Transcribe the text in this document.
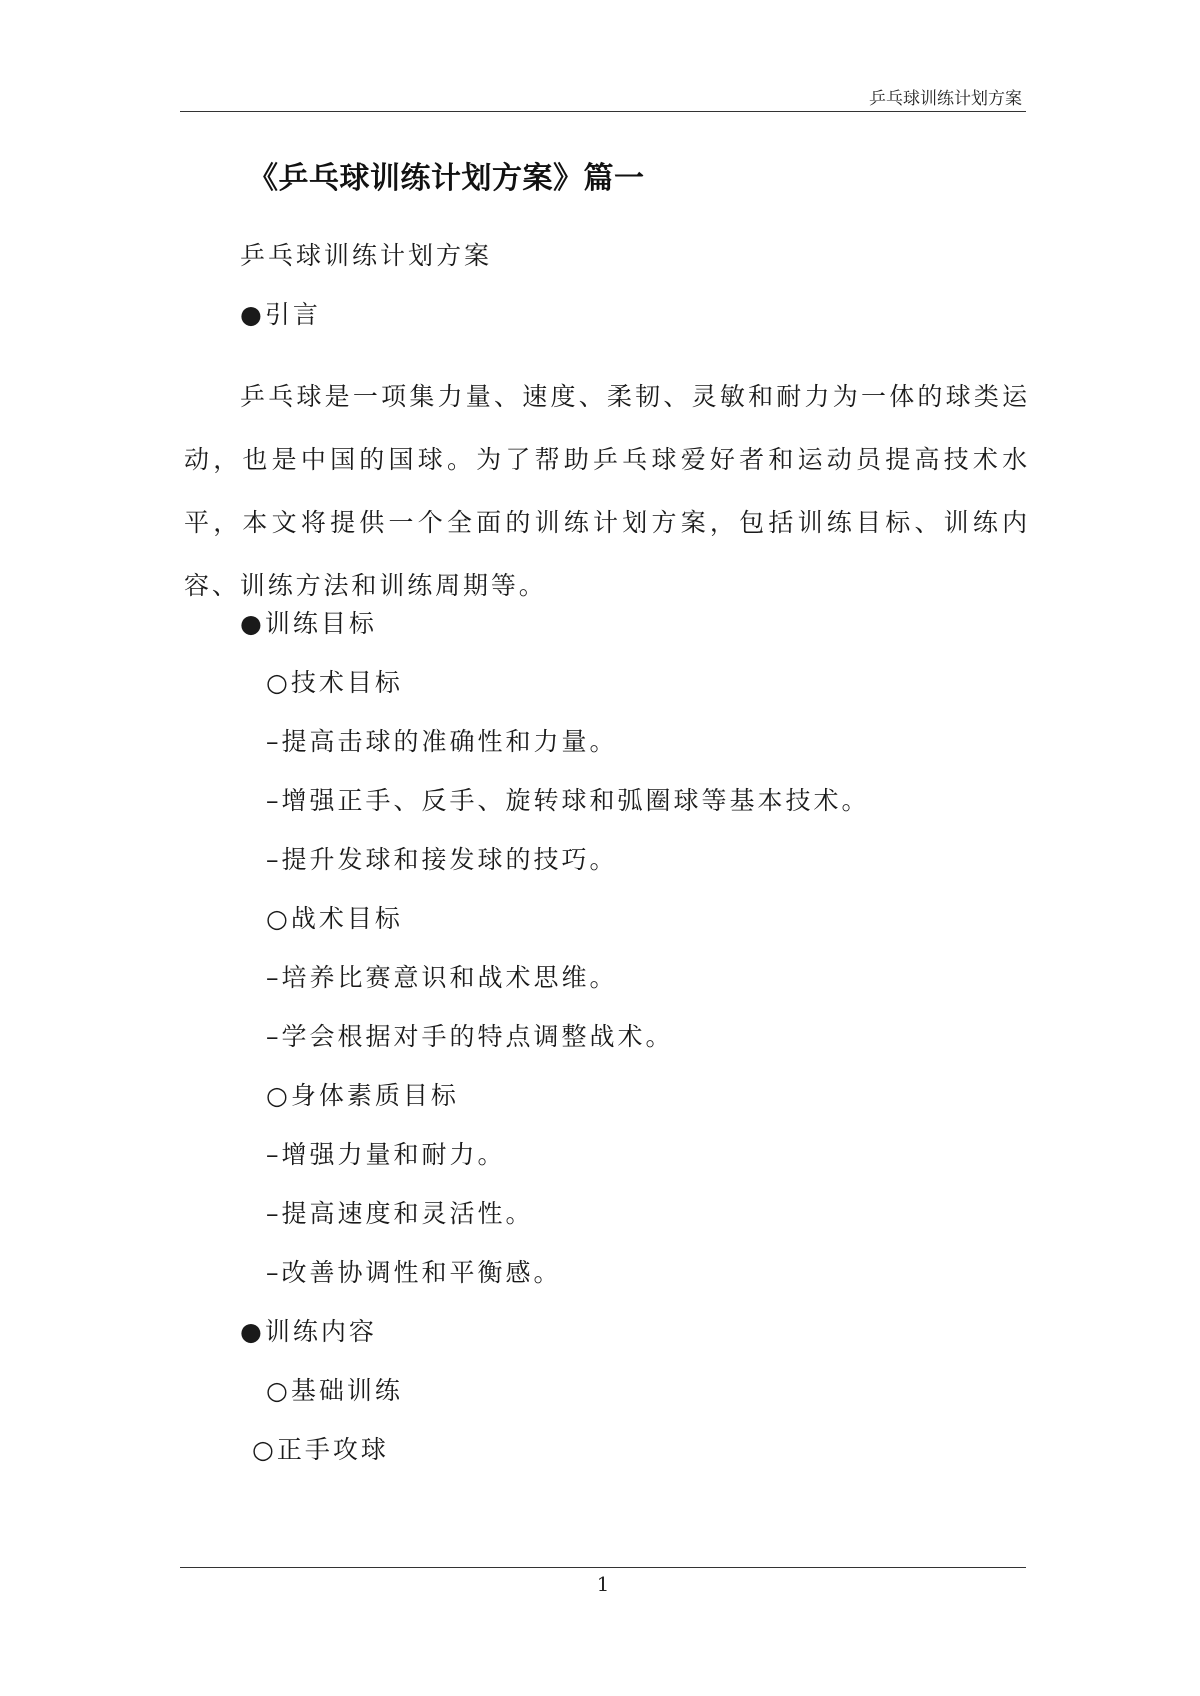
乒乓球训练计划方案
《乒乓球训练计划方案》篇一
乒乓球训练计划方案
●引言
乒乓球是一项集力量、速度、柔韧、灵敏和耐力为一体的球类运动，也是中国的国球。为了帮助乒乓球爱好者和运动员提高技术水平，本文将提供一个全面的训练计划方案，包括训练目标、训练内容、训练方法和训练周期等。
●训练目标
○技术目标
–提高击球的准确性和力量。
–增强正手、反手、旋转球和弧圈球等基本技术。
–提升发球和接发球的技巧。
○战术目标
–培养比赛意识和战术思维。
–学会根据对手的特点调整战术。
○身体素质目标
–增强力量和耐力。
–提高速度和灵活性。
–改善协调性和平衡感。
●训练内容
○基础训练
○正手攻球
1
